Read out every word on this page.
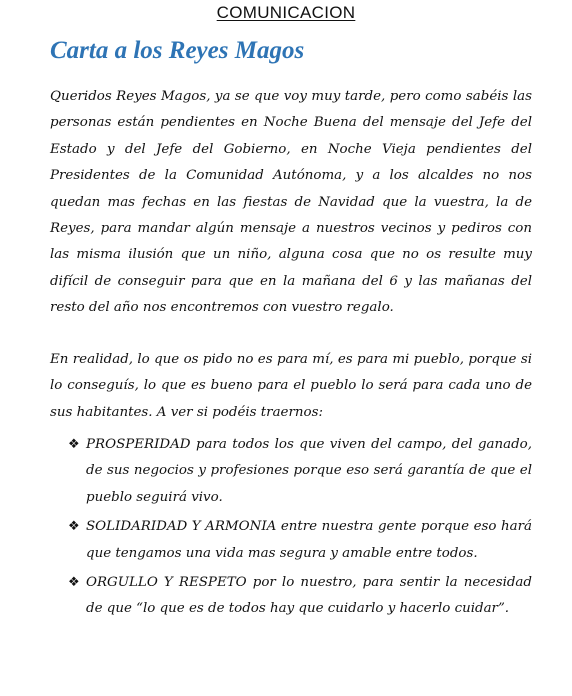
COMUNICACION
Carta a los Reyes Magos

Queridos Reyes Magos, ya se que voy muy tarde, pero como sabéis las personas están pendientes en Noche Buena del mensaje del Jefe del Estado y del Jefe del Gobierno, en Noche Vieja pendientes del Presidentes de la Comunidad Autónoma, y a los alcaldes no nos quedan mas fechas en las fiestas de Navidad que la vuestra, la de Reyes, para mandar algún mensaje a nuestros vecinos y pediros con las misma ilusión que un niño, alguna cosa que no os resulte muy difícil de conseguir para que en la mañana del 6 y las mañanas del resto del año nos encontremos con vuestro regalo.

En realidad, lo que os pido no es para mí, es para mi pueblo, porque si lo conseguís, lo que es bueno para el pueblo lo será para cada uno de sus habitantes. A ver si podéis traernos:

❖ PROSPERIDAD para todos los que viven del campo, del ganado, de sus negocios y profesiones porque eso será garantía de que el pueblo seguirá vivo.
❖ SOLIDARIDAD Y ARMONIA entre nuestra gente porque eso hará que tengamos una vida mas segura y amable entre todos.
❖ ORGULLO Y RESPETO por lo nuestro, para sentir la necesidad de que “lo que es de todos hay que cuidarlo y hacerlo cuidar”.
